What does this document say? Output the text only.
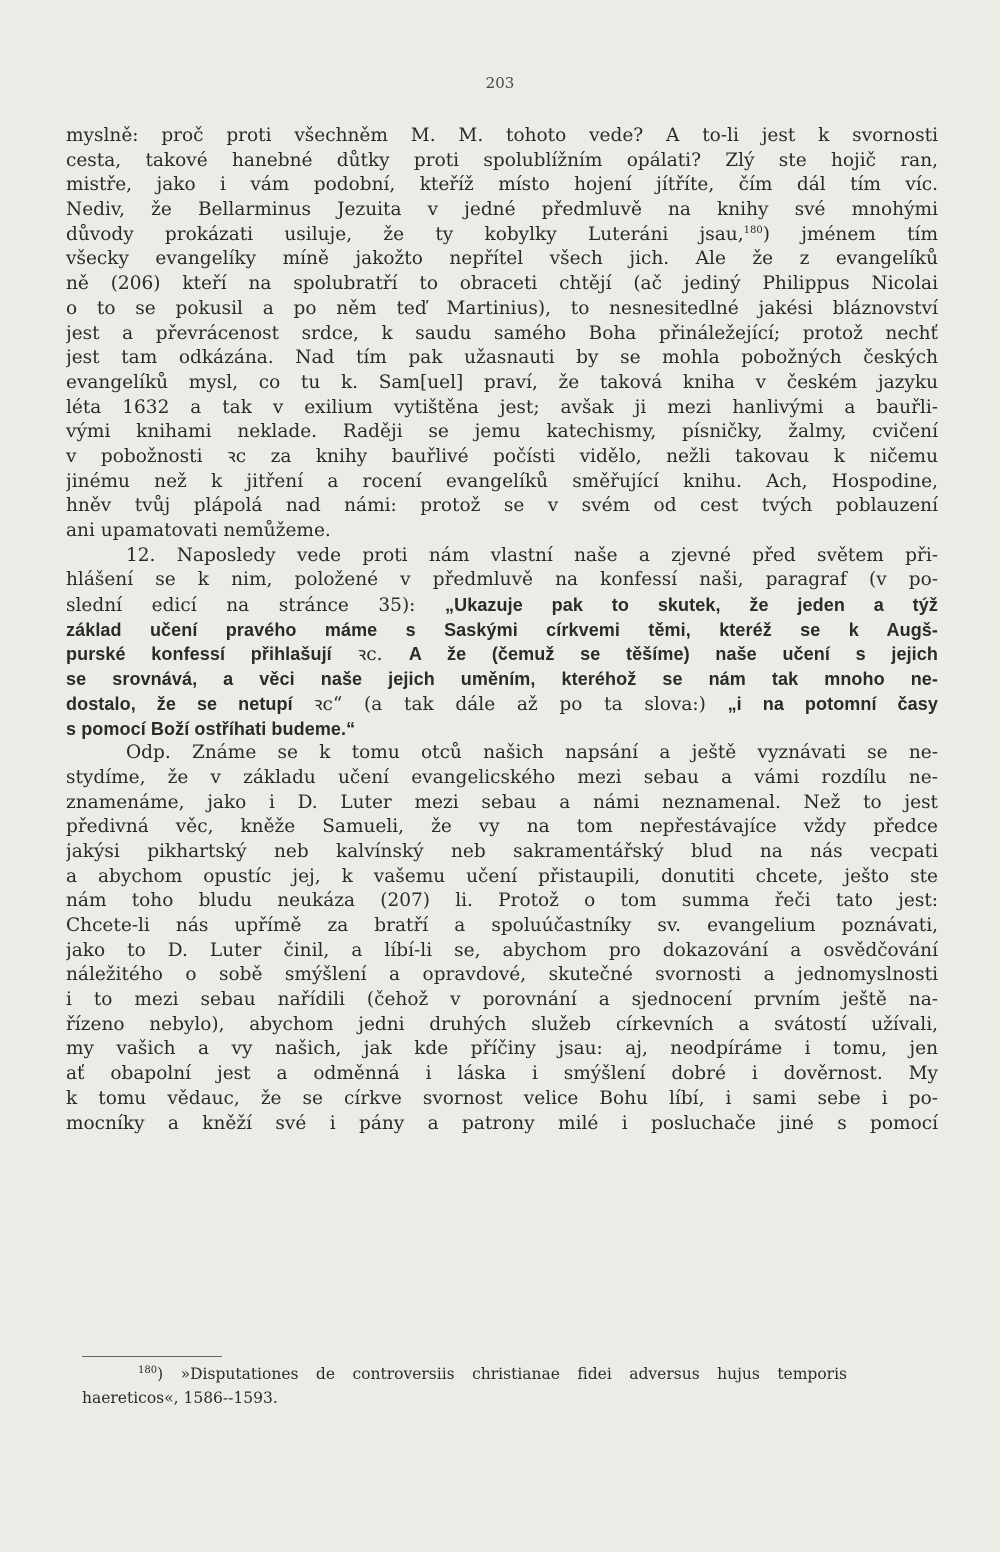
203
myslně: proč proti všechněm M. M. tohoto vede? A to-li jest k svornosti
cesta, takové hanebné důtky proti spolublížním opálati? Zlý ste hojič ran,
mistře, jako i vám podobní, kteříž místo hojení jítříte, čím dál tím víc.
Nediv, že Bellarminus Jezuita v jedné předmluvě na knihy své mnohými
důvody prokázati usiluje, že ty kobylky Luteráni jsau,$^{180}$) jménem tím
všecky evangelíky míně jakožto nepřítel všech jich. Ale že z evangelíků
ně (206) kteří na spolubratří to obraceti chtějí (ač jediný Philippus Nicolai
o to se pokusil a po něm teď Martinius), to nesnesitedlné jakési bláznovství
jest a převrácenost srdce, k saudu samého Boha přináležející; protož nechť
jest tam odkázána. Nad tím pak užasnauti by se mohla pobožných českých
evangelíků mysl, co tu k. Sam[uel] praví, že taková kniha v českém jazyku
léta 1632 a tak v exilium vytištěna jest; avšak ji mezi hanlivými a bauřli-
vými knihami neklade. Raději se jemu katechismy, písničky, žalmy, cvičení
v pobožnosti ꝛc za knihy bauřlivé počísti vidělo, nežli takovau k ničemu
jinému než k jitření a rocení evangelíků směřující knihu. Ach, Hospodine,
hněv tvůj plápolá nad námi: protož se v svém od cest tvých poblauzení
ani upamatovati nemůžeme.
12. Naposledy vede proti nám vlastní naše a zjevné před světem při-
hlášení se k nim, položené v předmluvě na konfessí naši, paragraf (v po-
slední edicí na stránce 35): „Ukazuje pak to skutek, že jeden a týž
základ učení pravého máme s Saskými církvemi těmi, kteréž se k Augš-
purské konfessí přihlašují ꝛc. A že (čemuž se těšíme) naše učení s jejich
se srovnává, a věci naše jejich uměním, kteréhož se nám tak mnoho ne-
dostalo, že se netupí ꝛc“ (a tak dále až po ta slova:) „i na potomní časy
s pomocí Boží ostříhati budeme.“
Odp. Známe se k tomu otců našich napsání a ještě vyznávati se ne-
stydíme, že v základu učení evangelicského mezi sebau a vámi rozdílu ne-
znamenáme, jako i D. Luter mezi sebau a námi neznamenal. Než to jest
předivná věc, kněže Samueli, že vy na tom nepřestávajíce vždy předce
jakýsi pikhartský neb kalvínský neb sakramentářský blud na nás vecpati
a abychom opustíc jej, k vašemu učení přistaupili, donutiti chcete, ješto ste
nám toho bludu neukáza (207) li. Protož o tom summa řeči tato jest:
Chcete-li nás upřímě za bratří a spoluúčastníky sv. evangelium poznávati,
jako to D. Luter činil, a líbí-li se, abychom pro dokazování a osvědčování
náležitého o sobě smýšlení a opravdové, skutečné svornosti a jednomyslnosti
i to mezi sebau nařídili (čehož v porovnání a sjednocení prvním ještě na-
řízeno nebylo), abychom jedni druhých služeb církevních a svátostí užívali,
my vašich a vy našich, jak kde příčiny jsau: aj, neodpíráme i tomu, jen
ať obapolní jest a odměnná i láska i smýšlení dobré i dověrnost. My
k tomu vědauc, že se církve svornost velice Bohu líbí, i sami sebe i po-
mocníky a kněží své i pány a patrony milé i posluchače jiné s pomocí
$^{180}$) »Disputationes de controversiis christianae fidei adversus hujus temporis
haereticos«, 1586--1593.
